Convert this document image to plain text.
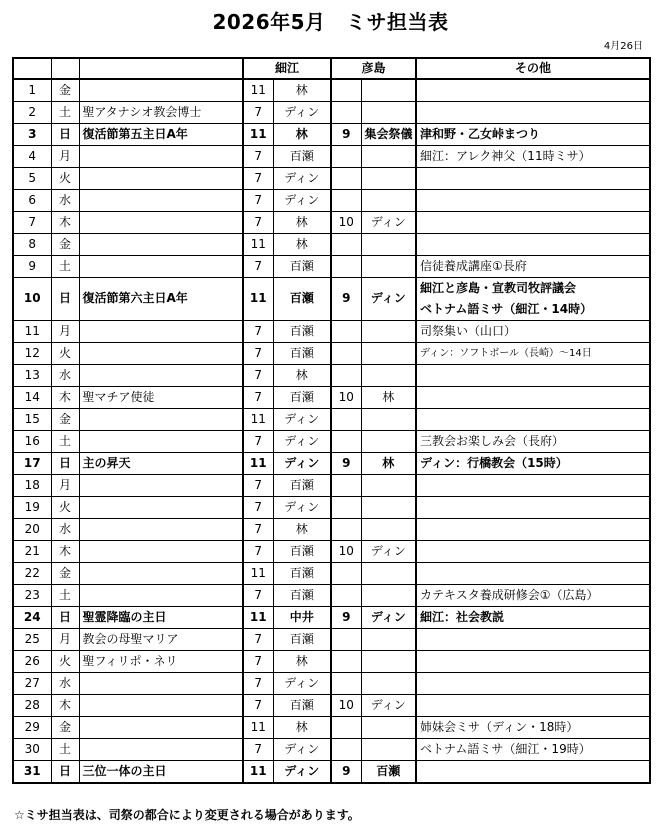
2026年5月　ミサ担当表
4月26日
			細江		彦島		その他
1	金		11	林			
2	土	聖アタナシオ教会博士	7	ディン			
3	日	復活節第五主日A年	11	林	9	集会祭儀	津和野・乙女峠まつり

4	月		7	百瀬			細江：アレク神父（11時ミサ）

5	火		7	ディン			
6	水		7	ディン			
7	木		7	林	10	ディン	
8	金		11	林			
9	土		7	百瀬			信徒養成講座①長府

10	日	復活節第六主日A年	11	百瀬	9	ディン	細江と彦島・宣教司牧評議会
ベトナム語ミサ（細江・14時）

11	月		7	百瀬			司祭集い（山口）

12	火		7	百瀬			ディン：ソフトボール（長崎）～14日

13	水		7	林			
14	木	聖マチア使徒	7	百瀬	10	林	
15	金		11	ディン			
16	土		7	ディン			三教会お楽しみ会（長府）

17	日	主の昇天	11	ディン	9	林	ディン：行橋教会（15時）

18	月		7	百瀬			
19	火		7	ディン			
20	水		7	林			
21	木		7	百瀬	10	ディン	
22	金		11	百瀬			
23	土		7	百瀬			カテキスタ養成研修会①（広島）

24	日	聖霊降臨の主日	11	中井	9	ディン	細江：社会教説

25	月	教会の母聖マリア	7	百瀬			
26	火	聖フィリポ・ネリ	7	林			
27	水		7	ディン			
28	木		7	百瀬	10	ディン	
29	金		11	林			姉妹会ミサ（ディン・18時）

30	土		7	ディン			ベトナム語ミサ（細江・19時）

31	日	三位一体の主日	11	ディン	9	百瀬	
☆ミサ担当表は、司祭の都合により変更される場合があります。
